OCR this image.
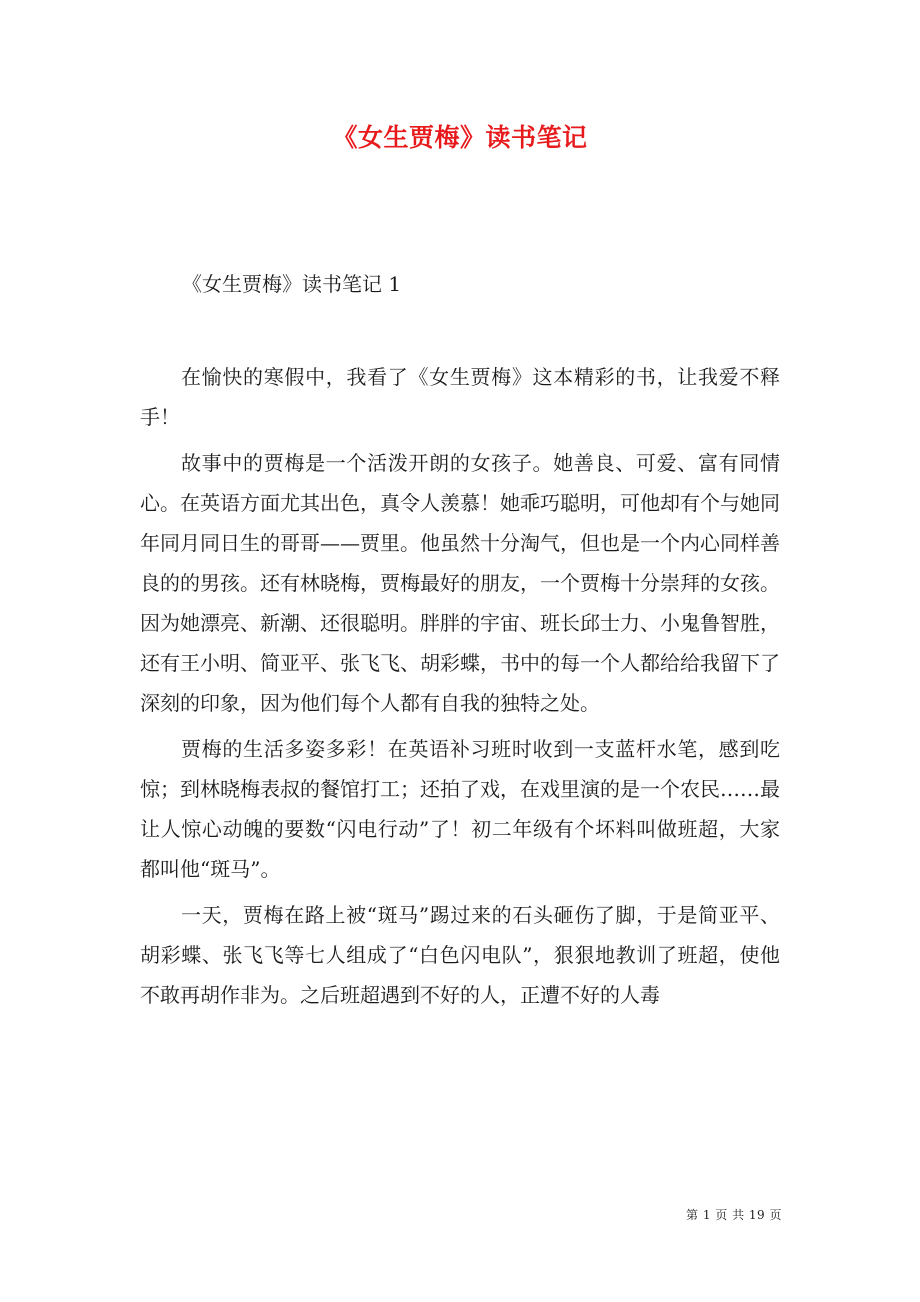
《女生贾梅》读书笔记
《女生贾梅》读书笔记 1

在愉快的寒假中，我看了《女生贾梅》这本精彩的书，让我爱不释手！

故事中的贾梅是一个活泼开朗的女孩子。她善良、可爱、富有同情心。在英语方面尤其出色，真令人羡慕！她乖巧聪明，可他却有个与她同年同月同日生的哥哥——贾里。他虽然十分淘气，但也是一个内心同样善良的的男孩。还有林晓梅，贾梅最好的朋友，一个贾梅十分崇拜的女孩。因为她漂亮、新潮、还很聪明。胖胖的宇宙、班长邱士力、小鬼鲁智胜，还有王小明、简亚平、张飞飞、胡彩蝶，书中的每一个人都给给我留下了深刻的印象，因为他们每个人都有自我的独特之处。

贾梅的生活多姿多彩！在英语补习班时收到一支蓝杆水笔，感到吃惊；到林晓梅表叔的餐馆打工；还拍了戏，在戏里演的是一个农民……最让人惊心动魄的要数“闪电行动”了！初二年级有个坏料叫做班超，大家都叫他“斑马”。

一天，贾梅在路上被“斑马”踢过来的石头砸伤了脚，于是简亚平、胡彩蝶、张飞飞等七人组成了“白色闪电队”，狠狠地教训了班超，使他不敢再胡作非为。之后班超遇到不好的人，正遭不好的人毒

第 1 页 共 19 页
